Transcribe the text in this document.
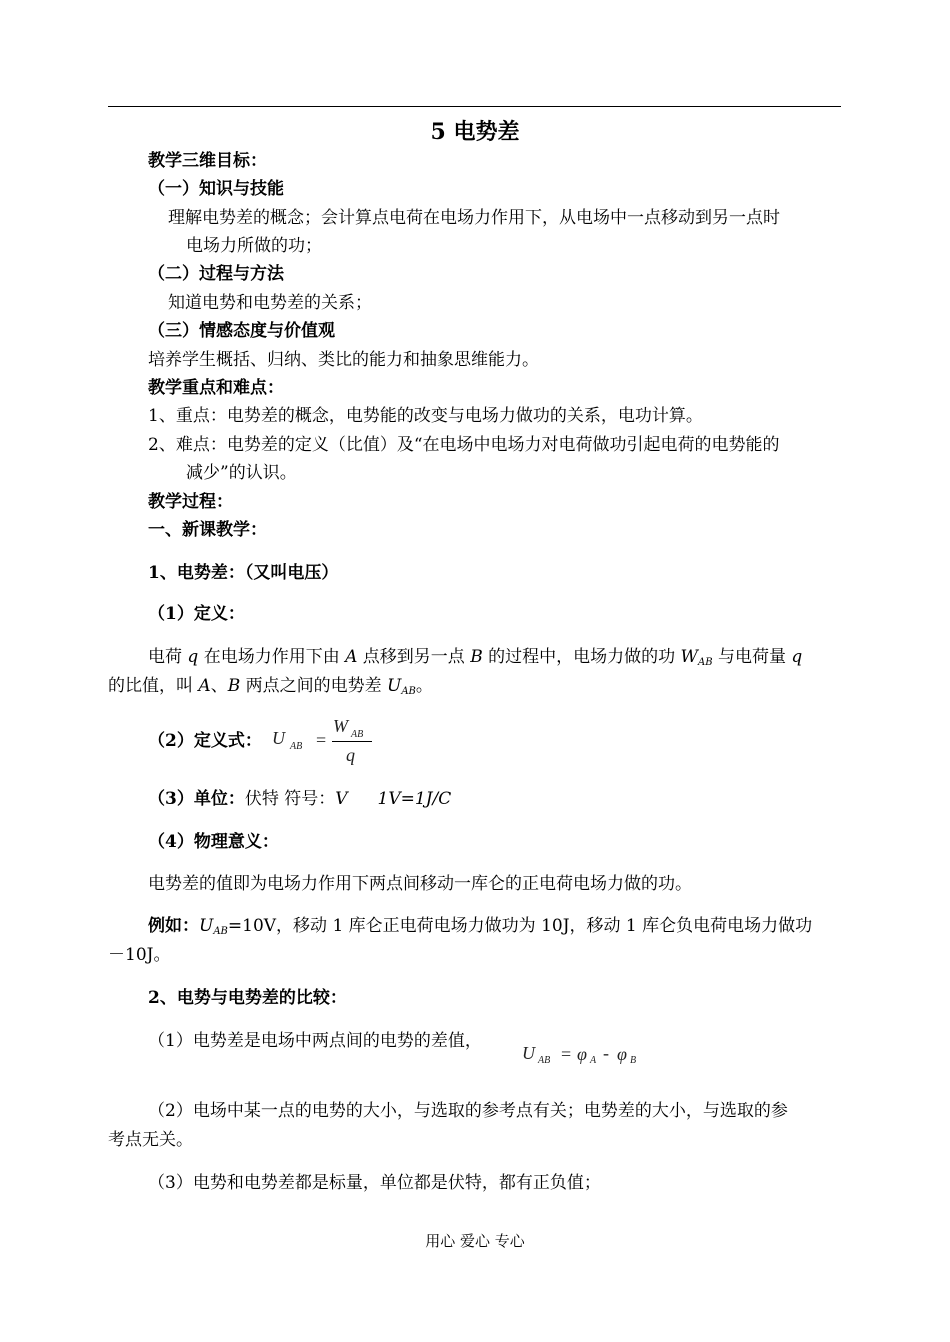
5 电势差
教学三维目标：
（一）知识与技能
理解电势差的概念；会计算点电荷在电场力作用下，从电场中一点移动到另一点时
电场力所做的功；
（二）过程与方法
知道电势和电势差的关系；
（三）情感态度与价值观
培养学生概括、归纳、类比的能力和抽象思维能力。
教学重点和难点：
1、重点：电势差的概念，电势能的改变与电场力做功的关系，电功计算。
2、难点：电势差的定义（比值）及“在电场中电场力对电荷做功引起电荷的电势能的
减少”的认识。
教学过程：
一、新课教学：
1、电势差：（又叫电压）
（1）定义：
电荷 q 在电场力作用下由 A 点移到另一点 B 的过程中，电场力做的功 $W_{AB}$ 与电荷量 q
的比值，叫 A、B 两点之间的电势差 $U_{AB}$。
（2）定义式： U AB =
W AB
q
（3）单位：伏特 符号：V 1V=1J/C
（4）物理意义：
电势差的值即为电场力作用下两点间移动一库仑的正电荷电场力做的功。
例如：$U_{AB}=10V$，移动 1 库仑正电荷电场力做功为 10J，移动 1 库仑负电荷电场力做功
－10J。
2、电势与电势差的比较：
（1）电势差是电场中两点间的电势的差值，
U AB = φ A - φ B
（2）电场中某一点的电势的大小，与选取的参考点有关；电势差的大小，与选取的参
考点无关。
（3）电势和电势差都是标量，单位都是伏特，都有正负值；
用心 爱心 专心
